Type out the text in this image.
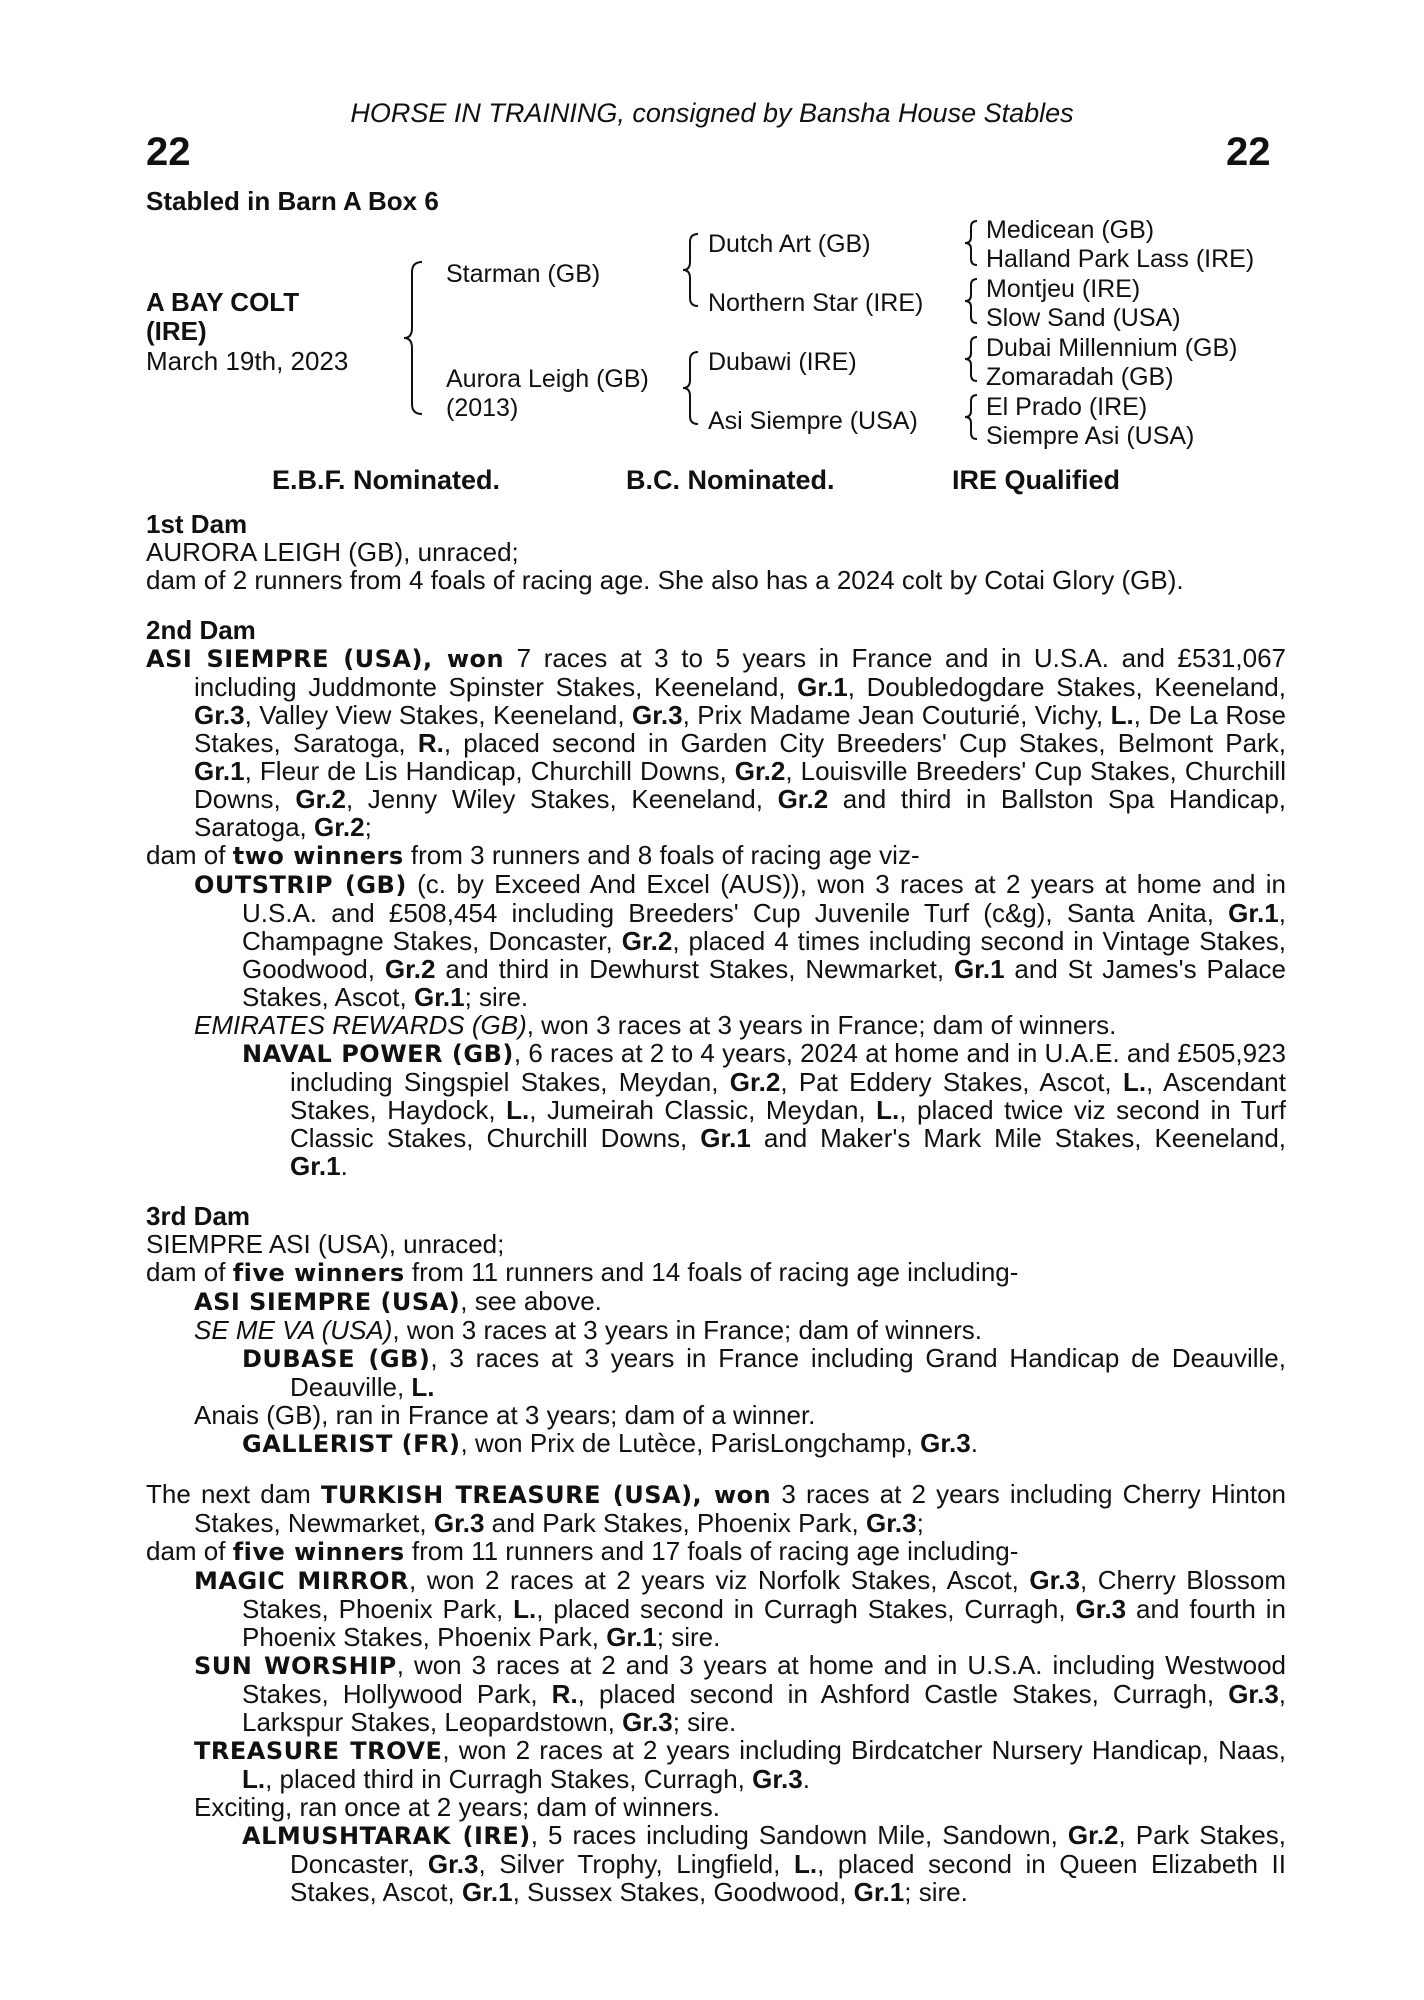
HORSE IN TRAINING, consigned by Bansha House Stables
22	22
Stabled in Barn A Box 6
A BAY COLT
(IRE)
March 19th, 2023
Starman (GB)
Aurora Leigh (GB)
(2013)
Dutch Art (GB)
Northern Star (IRE)
Dubawi (IRE)
Asi Siempre (USA)
Medicean (GB)
Halland Park Lass (IRE)
Montjeu (IRE)
Slow Sand (USA)
Dubai Millennium (GB)
Zomaradah (GB)
El Prado (IRE)
Siempre Asi (USA)
E.B.F. Nominated.	B.C. Nominated.	IRE Qualified
1st Dam

AURORA LEIGH (GB), unraced;

dam of 2 runners from 4 foals of racing age. She also has a 2024 colt by Cotai Glory (GB).

2nd Dam

ASI SIEMPRE (USA), won 7 races at 3 to 5 years in France and in U.S.A. and £531,067 including Juddmonte Spinster Stakes, Keeneland, Gr.1, Doubledogdare Stakes, Keeneland, Gr.3, Valley View Stakes, Keeneland, Gr.3, Prix Madame Jean Couturié, Vichy, L., De La Rose Stakes, Saratoga, R., placed second in Garden City Breeders' Cup Stakes, Belmont Park, Gr.1, Fleur de Lis Handicap, Churchill Downs, Gr.2, Louisville Breeders' Cup Stakes, Churchill Downs, Gr.2, Jenny Wiley Stakes, Keeneland, Gr.2 and third in Ballston Spa Handicap, Saratoga, Gr.2;

dam of two winners from 3 runners and 8 foals of racing age viz-

OUTSTRIP (GB) (c. by Exceed And Excel (AUS)), won 3 races at 2 years at home and in U.S.A. and £508,454 including Breeders' Cup Juvenile Turf (c&g), Santa Anita, Gr.1, Champagne Stakes, Doncaster, Gr.2, placed 4 times including second in Vintage Stakes, Goodwood, Gr.2 and third in Dewhurst Stakes, Newmarket, Gr.1 and St James's Palace Stakes, Ascot, Gr.1; sire.

EMIRATES REWARDS (GB), won 3 races at 3 years in France; dam of winners.

NAVAL POWER (GB), 6 races at 2 to 4 years, 2024 at home and in U.A.E. and £505,923 including Singspiel Stakes, Meydan, Gr.2, Pat Eddery Stakes, Ascot, L., Ascendant Stakes, Haydock, L., Jumeirah Classic, Meydan, L., placed twice viz second in Turf Classic Stakes, Churchill Downs, Gr.1 and Maker's Mark Mile Stakes, Keeneland, Gr.1.

3rd Dam

SIEMPRE ASI (USA), unraced;

dam of five winners from 11 runners and 14 foals of racing age including-

ASI SIEMPRE (USA), see above.

SE ME VA (USA), won 3 races at 3 years in France; dam of winners.

DUBASE (GB), 3 races at 3 years in France including Grand Handicap de Deauville, Deauville, L.

Anais (GB), ran in France at 3 years; dam of a winner.

GALLERIST (FR), won Prix de Lutèce, ParisLongchamp, Gr.3.

The next dam TURKISH TREASURE (USA), won 3 races at 2 years including Cherry Hinton Stakes, Newmarket, Gr.3 and Park Stakes, Phoenix Park, Gr.3;

dam of five winners from 11 runners and 17 foals of racing age including-

MAGIC MIRROR, won 2 races at 2 years viz Norfolk Stakes, Ascot, Gr.3, Cherry Blossom Stakes, Phoenix Park, L., placed second in Curragh Stakes, Curragh, Gr.3 and fourth in Phoenix Stakes, Phoenix Park, Gr.1; sire.

SUN WORSHIP, won 3 races at 2 and 3 years at home and in U.S.A. including Westwood Stakes, Hollywood Park, R., placed second in Ashford Castle Stakes, Curragh, Gr.3, Larkspur Stakes, Leopardstown, Gr.3; sire.

TREASURE TROVE, won 2 races at 2 years including Birdcatcher Nursery Handicap, Naas, L., placed third in Curragh Stakes, Curragh, Gr.3.

Exciting, ran once at 2 years; dam of winners.

ALMUSHTARAK (IRE), 5 races including Sandown Mile, Sandown, Gr.2, Park Stakes, Doncaster, Gr.3, Silver Trophy, Lingfield, L., placed second in Queen Elizabeth II Stakes, Ascot, Gr.1, Sussex Stakes, Goodwood, Gr.1; sire.
